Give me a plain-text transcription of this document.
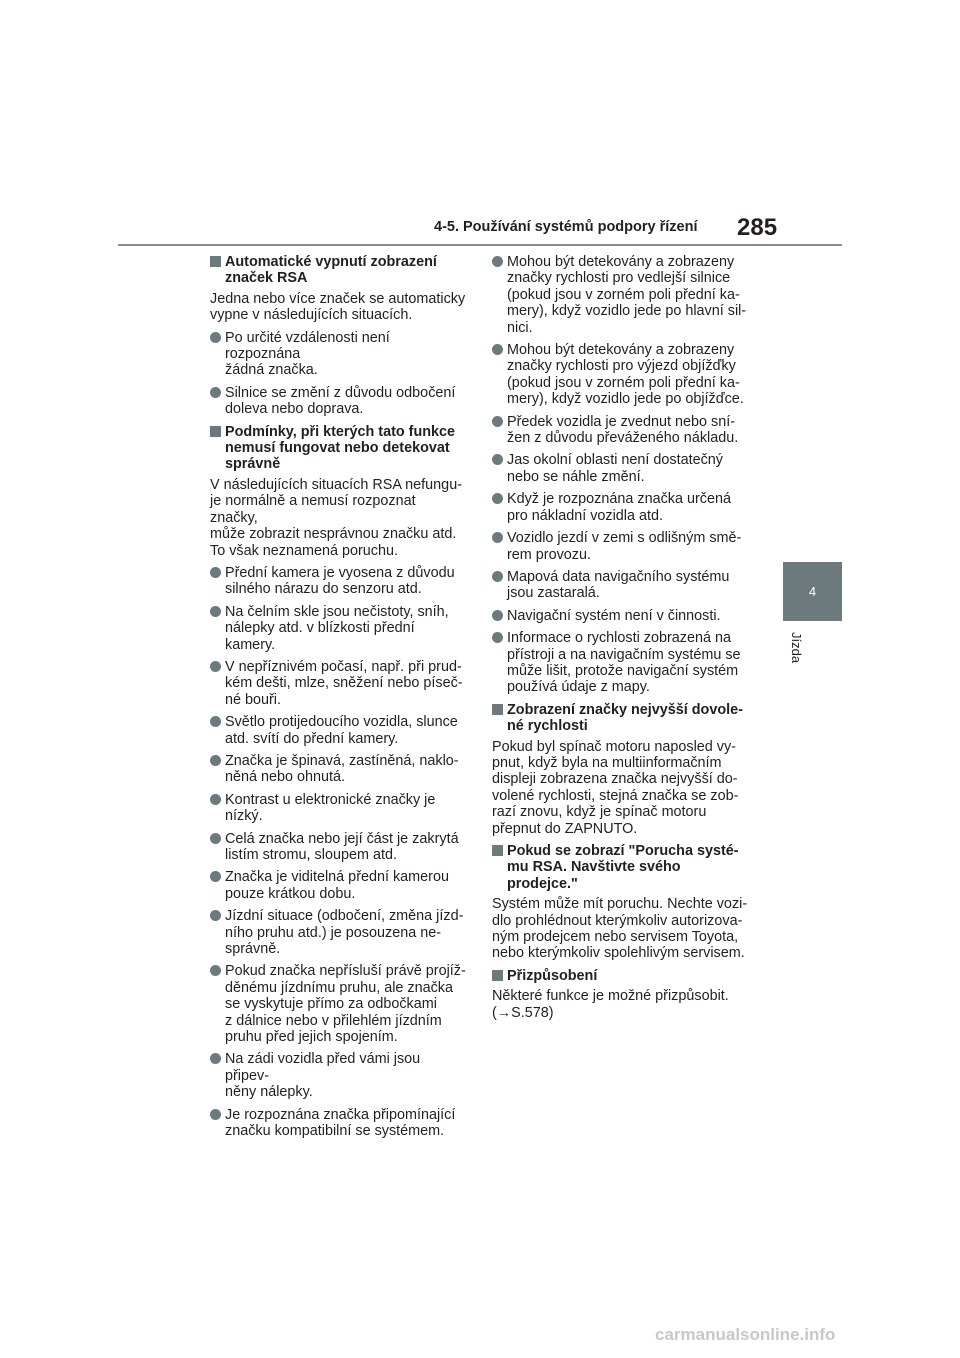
4-5. Používání systémů podpory řízení 285
4
Jízda
Automatické vypnutí zobrazení
značek RSA
Jedna nebo více značek se automaticky
vypne v následujících situacích.
Po určité vzdálenosti není rozpoznána
žádná značka.
Silnice se změní z důvodu odbočení
doleva nebo doprava.
Podmínky, při kterých tato funkce
nemusí fungovat nebo detekovat
správně
V následujících situacích RSA nefungu-
je normálně a nemusí rozpoznat značky,
může zobrazit nesprávnou značku atd.
To však neznamená poruchu.
Přední kamera je vyosena z důvodu
silného nárazu do senzoru atd.
Na čelním skle jsou nečistoty, sníh,
nálepky atd. v blízkosti přední kamery.
V nepříznivém počasí, např. při prud-
kém dešti, mlze, sněžení nebo píseč-
né bouři.
Světlo protijedoucího vozidla, slunce
atd. svítí do přední kamery.
Značka je špinavá, zastíněná, naklo-
něná nebo ohnutá.
Kontrast u elektronické značky je nízký.
Celá značka nebo její část je zakrytá
listím stromu, sloupem atd.
Značka je viditelná přední kamerou
pouze krátkou dobu.
Jízdní situace (odbočení, změna jízd-
ního pruhu atd.) je posouzena ne-
správně.
Pokud značka nepřísluší právě projíž-
děnému jízdnímu pruhu, ale značka
se vyskytuje přímo za odbočkami
z dálnice nebo v přilehlém jízdním
pruhu před jejich spojením.
Na zádi vozidla před vámi jsou připev-
něny nálepky.
Je rozpoznána značka připomínající
značku kompatibilní se systémem.
Mohou být detekovány a zobrazeny
značky rychlosti pro vedlejší silnice
(pokud jsou v zorném poli přední ka-
mery), když vozidlo jede po hlavní sil-
nici.
Mohou být detekovány a zobrazeny
značky rychlosti pro výjezd objížďky
(pokud jsou v zorném poli přední ka-
mery), když vozidlo jede po objížďce.
Předek vozidla je zvednut nebo sní-
žen z důvodu převáženého nákladu.
Jas okolní oblasti není dostatečný
nebo se náhle změní.
Když je rozpoznána značka určená
pro nákladní vozidla atd.
Vozidlo jezdí v zemi s odlišným smě-
rem provozu.
Mapová data navigačního systému
jsou zastaralá.
Navigační systém není v činnosti.
Informace o rychlosti zobrazená na
přístroji a na navigačním systému se
může lišit, protože navigační systém
používá údaje z mapy.
Zobrazení značky nejvyšší dovole-
né rychlosti
Pokud byl spínač motoru naposled vy-
pnut, když byla na multiinformačním
displeji zobrazena značka nejvyšší do-
volené rychlosti, stejná značka se zob-
razí znovu, když je spínač motoru
přepnut do ZAPNUTO.
Pokud se zobrazí "Porucha systé-
mu RSA. Navštivte svého prodejce."
Systém může mít poruchu. Nechte vozi-
dlo prohlédnout kterýmkoliv autorizova-
ným prodejcem nebo servisem Toyota,
nebo kterýmkoliv spolehlivým servisem.
Přizpůsobení
Některé funkce je možné přizpůsobit.
(→S.578)
carmanualsonline.info
